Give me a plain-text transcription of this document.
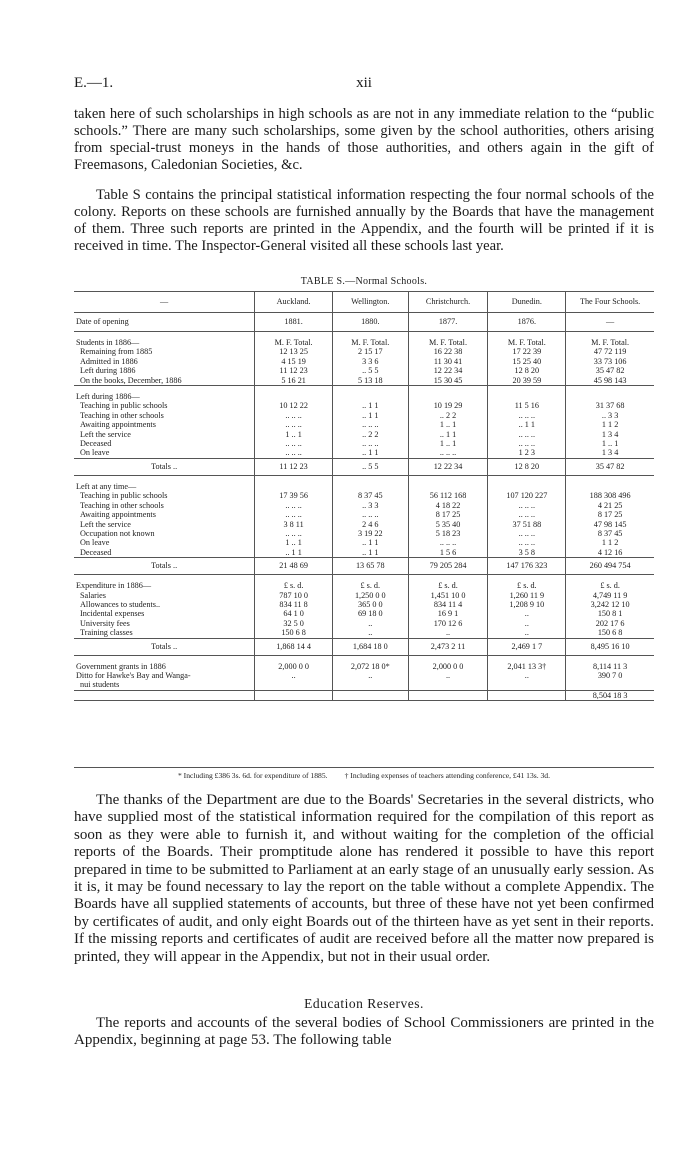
E.—1.	xii
taken here of such scholarships in high schools as are not in any immediate relation to the “public schools.” There are many such scholarships, some given by the school authorities, others arising from special-trust moneys in the hands of those authorities, and others again in the gift of Freemasons, Caledonian Societies, &c.
Table S contains the principal statistical information respecting the four normal schools of the colony. Reports on these schools are furnished annually by the Boards that have the management of them. Three such reports are printed in the Appendix, and the fourth will be printed if it is received in time. The Inspector-General visited all these schools last year.
TABLE S.—Normal Schools.
—	Auckland.	Wellington.	Christchurch.	Dunedin.	The Four Schools.
Date of opening	1881.	1880.	1877.	1876.	—

Students in 1886—	M. F. Total.	M. F. Total.	M. F. Total.	M. F. Total.	M. F. Total.
Remaining from 1885	12 13 25	2 15 17	16 22 38	17 22 39	47 72 119
Admitted in 1886	4 15 19	3 3 6	11 30 41	15 25 40	33 73 106
Left during 1886	11 12 23	.. 5 5	12 22 34	12 8 20	35 47 82
On the books, December, 1886	5 16 21	5 13 18	15 30 45	20 39 59	45 98 143

Left during 1886—					
Teaching in public schools	10 12 22	.. 1 1	10 19 29	11 5 16	31 37 68
Teaching in other schools	.. .. ..	.. 1 1	.. 2 2	.. .. ..	.. 3 3
Awaiting appointments	.. .. ..	.. .. ..	1 .. 1	.. 1 1	1 1 2
Left the service	1 .. 1	.. 2 2	.. 1 1	.. .. ..	1 3 4
Deceased	.. .. ..	.. .. ..	1 .. 1	.. .. ..	1 .. 1
On leave	.. .. ..	.. 1 1	.. .. ..	1 2 3	1 3 4
Totals ..	11 12 23	.. 5 5	12 22 34	12 8 20	35 47 82

Left at any time—					
Teaching in public schools	17 39 56	8 37 45	56 112 168	107 120 227	188 308 496
Teaching in other schools	.. .. ..	.. 3 3	4 18 22	.. .. ..	4 21 25
Awaiting appointments	.. .. ..	.. .. ..	8 17 25	.. .. ..	8 17 25
Left the service	3 8 11	2 4 6	5 35 40	37 51 88	47 98 145
Occupation not known	.. .. ..	3 19 22	5 18 23	.. .. ..	8 37 45
On leave	1 .. 1	.. 1 1	.. .. ..	.. .. ..	1 1 2
Deceased	.. 1 1	.. 1 1	1 5 6	3 5 8	4 12 16
Totals ..	21 48 69	13 65 78	79 205 284	147 176 323	260 494 754

Expenditure in 1886—	£ s. d.	£ s. d.	£ s. d.	£ s. d.	£ s. d.
Salaries	787 10 0	1,250 0 0	1,451 10 0	1,260 11 9	4,749 11 9
Allowances to students..	834 11 8	365 0 0	834 11 4	1,208 9 10	3,242 12 10
Incidental expenses	64 1 0	69 18 0	16 9 1	..	150 8 1
University fees	32 5 0	..	170 12 6	..	202 17 6
Training classes	150 6 8	..	..	..	150 6 8
Totals ..	1,868 14 4	1,684 18 0	2,473 2 11	2,469 1 7	8,495 16 10

Government grants in 1886	2,000 0 0	2,072 18 0*	2,000 0 0	2,041 13 3†	8,114 11 3
Ditto for Hawke's Bay and Wanga-	..	..	..	..	390 7 0
nui students					
					8,504 18 3
* Including £386 3s. 6d. for expenditure of 1885. † Including expenses of teachers attending conference, £41 13s. 3d.
The thanks of the Department are due to the Boards' Secretaries in the several districts, who have supplied most of the statistical information required for the compilation of this report as soon as they were able to furnish it, and without waiting for the completion of the official reports of the Boards. Their promptitude alone has rendered it possible to have this report prepared in time to be submitted to Parliament at an early stage of an unusually early session. As it is, it may be found necessary to lay the report on the table without a complete Appendix. The Boards have all supplied statements of accounts, but three of these have not yet been confirmed by certificates of audit, and only eight Boards out of the thirteen have as yet sent in their reports. If the missing reports and certificates of audit are received before all the matter now prepared is printed, they will appear in the Appendix, but not in their usual order.
Education Reserves.
The reports and accounts of the several bodies of School Commissioners are printed in the Appendix, beginning at page 53. The following table
